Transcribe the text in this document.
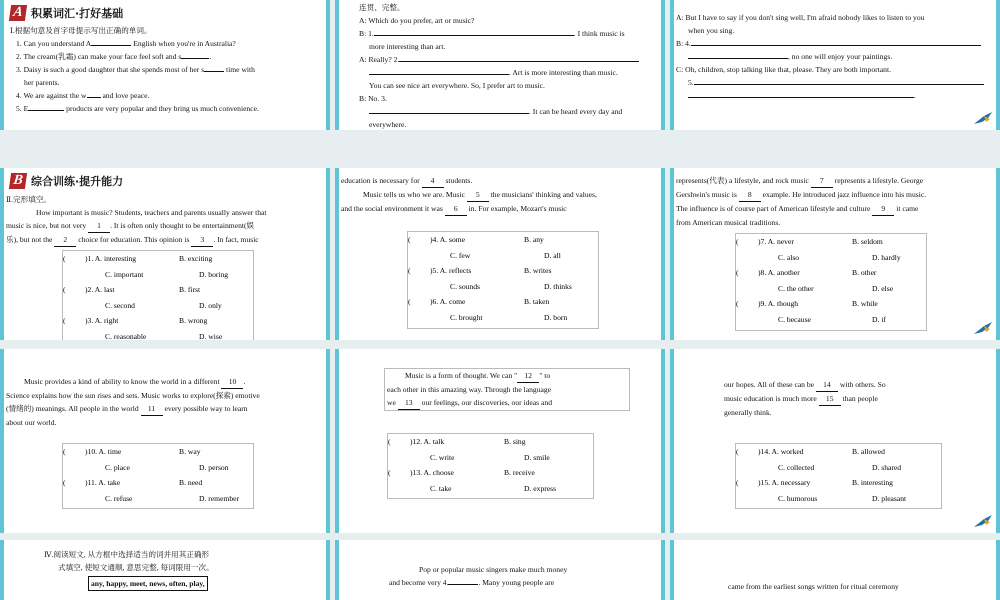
A 积累词汇·打好基础
Ⅰ.根据句意及首字母提示写出正确的单词。
1. Can you understand A	English when you're in Australia?
2. The cream(乳霜) can make your face feel soft and s	.
3. Daisy is such a good daughter that she spends most of her s	time with
her parents.
4. We are against the w and love peace.
5. E	products are very popular and they bring us much convenience.
连贯、完整。
A: Which do you prefer, art or music?
B: 1.	. I think music is
more interesting than art.
A: Really? 2.
. Art is more interesting than music.
You can see nice art everywhere. So, I prefer art to music.
B: No. 3.
. It can be heard every day and
everywhere.
A: But I have to say if you don't sing well, I'm afraid nobody likes to listen to you
when you sing.
B: 4.
, no one will enjoy your paintings.
C: Oh, children, stop talking like that, please. They are both important.
5.
.
B 综合训练·提升能力
Ⅱ.完形填空。
How important is music? Students, teachers and parents usually answer that
music is nice, but not very 1 . It is often only thought to be entertainment(娱
乐), but not the 2 choice for education. This opinion is 3 . In fact, music
(	)1. A. interesting	B. exciting
C. important	D. boring
(	)2. A. last	B. first
C. second	D. only
(	)3. A. right	B. wrong
C. reasonable	D. wise
education is necessary for 4 students.
Music tells us who we are. Music 5 the musicians' thinking and values,
and the social environment it was 6 in. For example, Mozart's music
(	)4. A. some	B. any
C. few	D. all
(	)5. A. reflects	B. writes
C. sounds	D. thinks
(	)6. A. come	B. taken
C. brought	D. born
represents(代表) a lifestyle, and rock music 7 represents a lifestyle. George
Gershwin's music is 8 example. He introduced jazz influence into his music.
The influence is of course part of American lifestyle and culture 9 it came
from American musical traditions.
(	)7. A. never	B. seldom
C. also	D. hardly
(	)8. A. another	B. other
C. the other	D. else
(	)9. A. though	B. while
C. because	D. if
Music provides a kind of ability to know the world in a different 10 .
Science explains how the sun rises and sets. Music works to explore(探索) emotive
(情绪的) meanings. All people in the world 11 every possible way to learn
about our world.
(	)10. A. time	B. way
C. place	D. person
(	)11. A. take	B. need
C. refuse	D. remember
Music is a form of thought. We can " 12 " to
each other in this amazing way. Through the language
we 13 our feelings, our discoveries, our ideas and
(	)12. A. talk	B. sing
C. write	D. smile
(	)13. A. choose	B. receive
C. take	D. express
our hopes. All of these can be 14 with others. So
music education is much more 15 than people
generally think.
(	)14. A. worked	B. allowed
C. collected	D. shared
(	)15. A. necessary	B. interesting
C. humorous	D. pleasant
Ⅳ.阅读短文, 从方框中选择适当的词并用其正确形
式填空, 使短文通顺, 意思完整, 每词限用一次。
any, happy, meet, news, often, play,
Pop or popular music singers make much money
and become very 4.	. Many young people are	came from the earliest songs written for ritual ceremony
